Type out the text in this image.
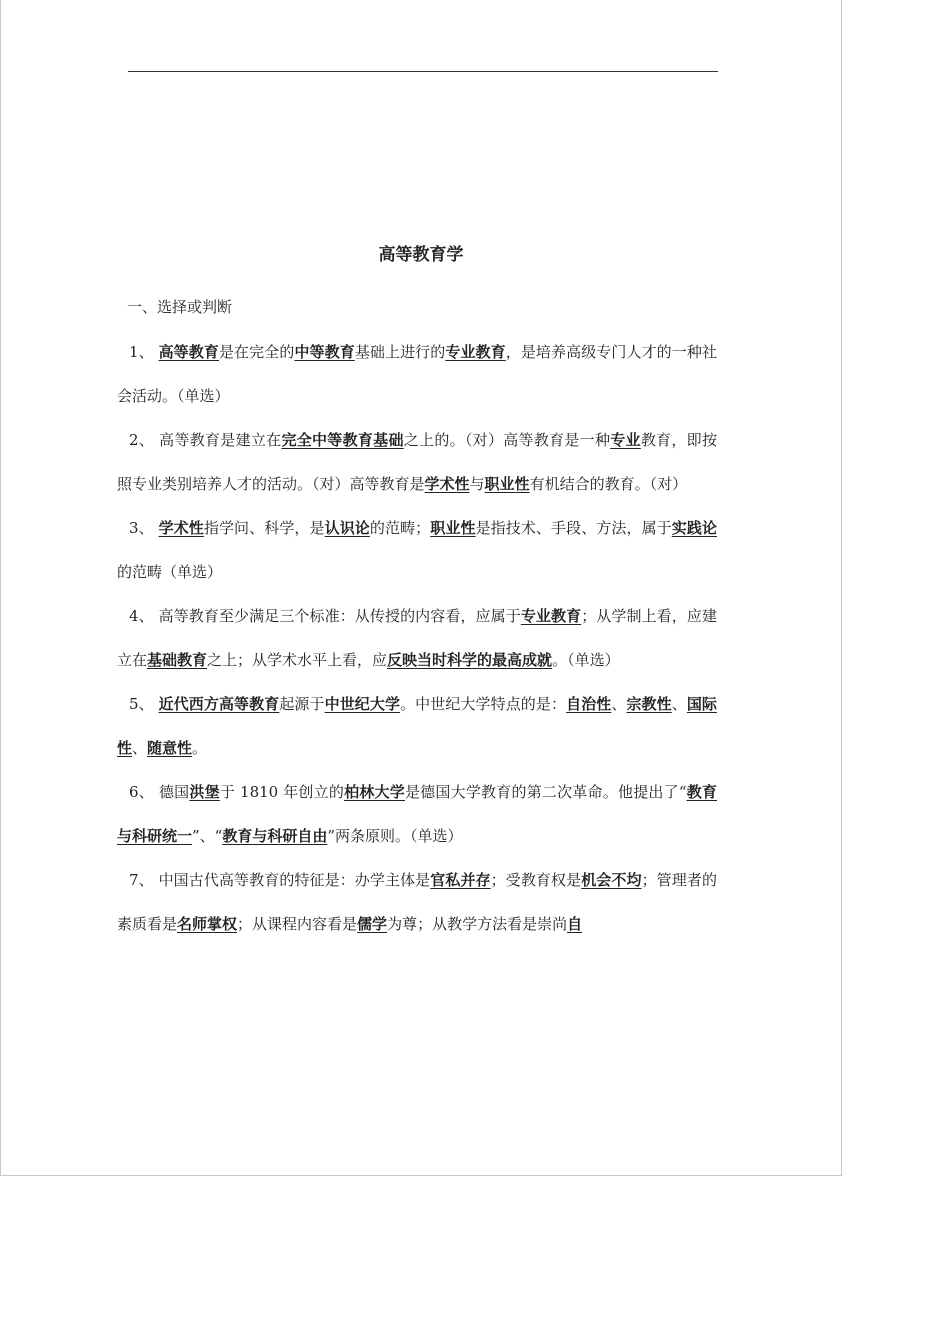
高等教育学
一、选择或判断

1、 高等教育是在完全的中等教育基础上进行的专业教育，是培养高级专门人才的一种社会活动。（单选）

2、 高等教育是建立在完全中等教育基础之上的。（对）高等教育是一种专业教育，即按照专业类别培养人才的活动。（对）高等教育是学术性与职业性有机结合的教育。（对）

3、 学术性指学问、科学，是认识论的范畴；职业性是指技术、手段、方法，属于实践论的范畴（单选）

4、 高等教育至少满足三个标准：从传授的内容看，应属于专业教育；从学制上看，应建立在基础教育之上；从学术水平上看，应反映当时科学的最高成就。（单选）

5、 近代西方高等教育起源于中世纪大学。中世纪大学特点的是：自治性、宗教性、国际性、随意性。

6、 德国洪堡于 1810 年创立的柏林大学是德国大学教育的第二次革命。他提出了“教育与科研统一”、“教育与科研自由”两条原则。（单选）

7、 中国古代高等教育的特征是：办学主体是官私并存；受教育权是机会不均；管理者的素质看是名师掌权；从课程内容看是儒学为尊；从教学方法看是崇尚自
